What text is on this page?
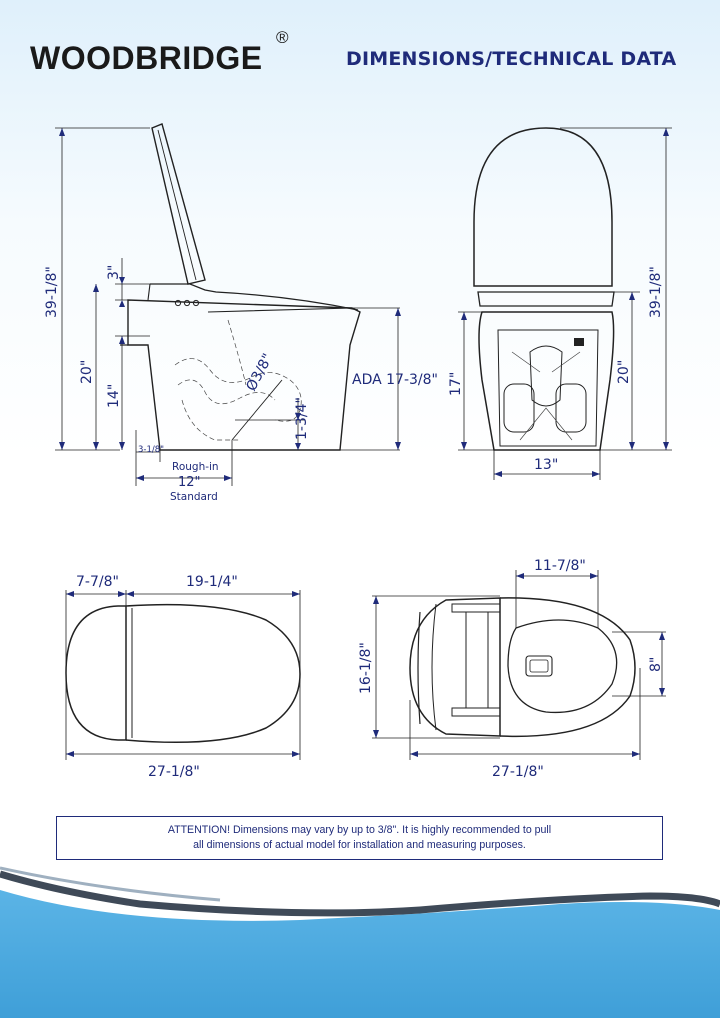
WOODBRIDGE
®
DIMENSIONS/TECHNICAL DATA
Ø3/8"
39-1/8"	3"
20"
14"
1-3/4"
ADA 17-3/8"
3-1/8"
Rough-in
12"
Standard
39-1/8"
20"
17"
13"
7-7/8"	19-1/4"
27-1/8"
11-7/8"
16-1/8"	8"
27-1/8"
ATTENTION! Dimensions may vary by up to 3/8". It is highly recommended to pull
all dimensions of actual model for installation and measuring purposes.
